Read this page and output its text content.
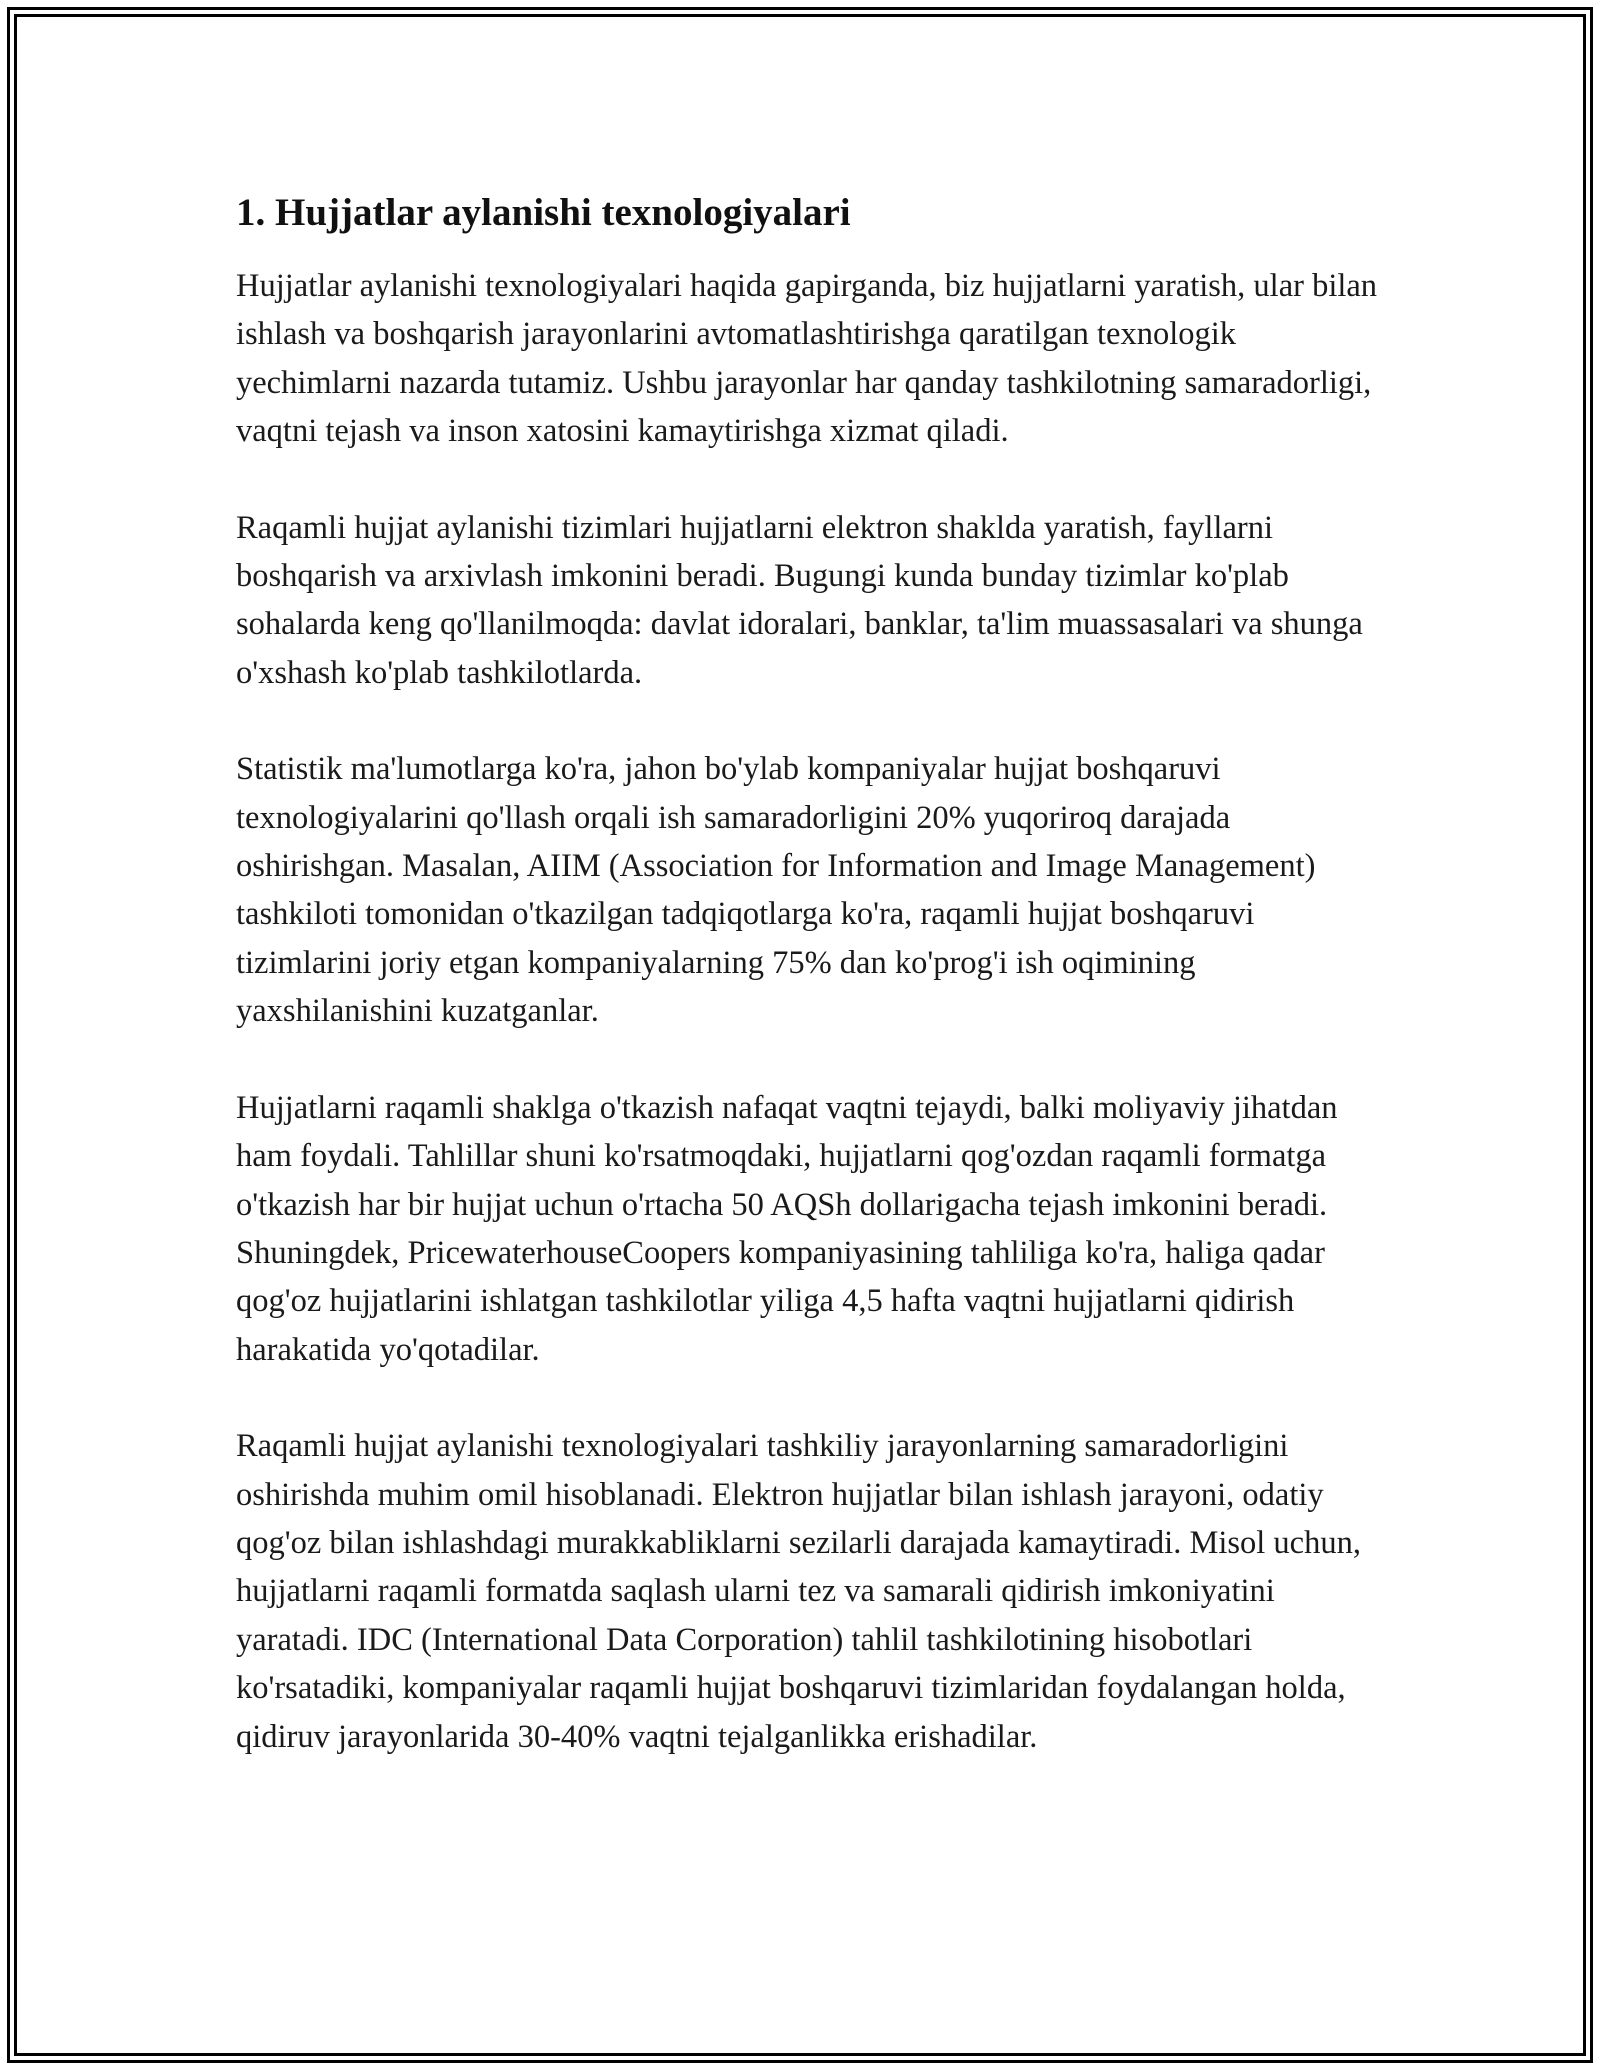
1. Hujjatlar aylanishi texnologiyalari

Hujjatlar aylanishi texnologiyalari haqida gapirganda, biz hujjatlarni yaratish, ular bilan ishlash va boshqarish jarayonlarini avtomatlashtirishga qaratilgan texnologik yechimlarni nazarda tutamiz. Ushbu jarayonlar har qanday tashkilotning samaradorligi, vaqtni tejash va inson xatosini kamaytirishga xizmat qiladi.

Raqamli hujjat aylanishi tizimlari hujjatlarni elektron shaklda yaratish, fayllarni boshqarish va arxivlash imkonini beradi. Bugungi kunda bunday tizimlar ko'plab sohalarda keng qo'llanilmoqda: davlat idoralari, banklar, ta'lim muassasalari va shunga o'xshash ko'plab tashkilotlarda.

Statistik ma'lumotlarga ko'ra, jahon bo'ylab kompaniyalar hujjat boshqaruvi texnologiyalarini qo'llash orqali ish samaradorligini 20% yuqoriroq darajada oshirishgan. Masalan, AIIM (Association for Information and Image Management) tashkiloti tomonidan o'tkazilgan tadqiqotlarga ko'ra, raqamli hujjat boshqaruvi tizimlarini joriy etgan kompaniyalarning 75% dan ko'prog'i ish oqimining yaxshilanishini kuzatganlar.

Hujjatlarni raqamli shaklga o'tkazish nafaqat vaqtni tejaydi, balki moliyaviy jihatdan ham foydali. Tahlillar shuni ko'rsatmoqdaki, hujjatlarni qog'ozdan raqamli formatga o'tkazish har bir hujjat uchun o'rtacha 50 AQSh dollarigacha tejash imkonini beradi. Shuningdek, PricewaterhouseCoopers kompaniyasining tahliliga ko'ra, haliga qadar qog'oz hujjatlarini ishlatgan tashkilotlar yiliga 4,5 hafta vaqtni hujjatlarni qidirish harakatida yo'qotadilar.

Raqamli hujjat aylanishi texnologiyalari tashkiliy jarayonlarning samaradorligini oshirishda muhim omil hisoblanadi. Elektron hujjatlar bilan ishlash jarayoni, odatiy qog'oz bilan ishlashdagi murakkabliklarni sezilarli darajada kamaytiradi. Misol uchun, hujjatlarni raqamli formatda saqlash ularni tez va samarali qidirish imkoniyatini yaratadi. IDC (International Data Corporation) tahlil tashkilotining hisobotlari ko'rsatadiki, kompaniyalar raqamli hujjat boshqaruvi tizimlaridan foydalangan holda, qidiruv jarayonlarida 30-40% vaqtni tejalganlikka erishadilar.
